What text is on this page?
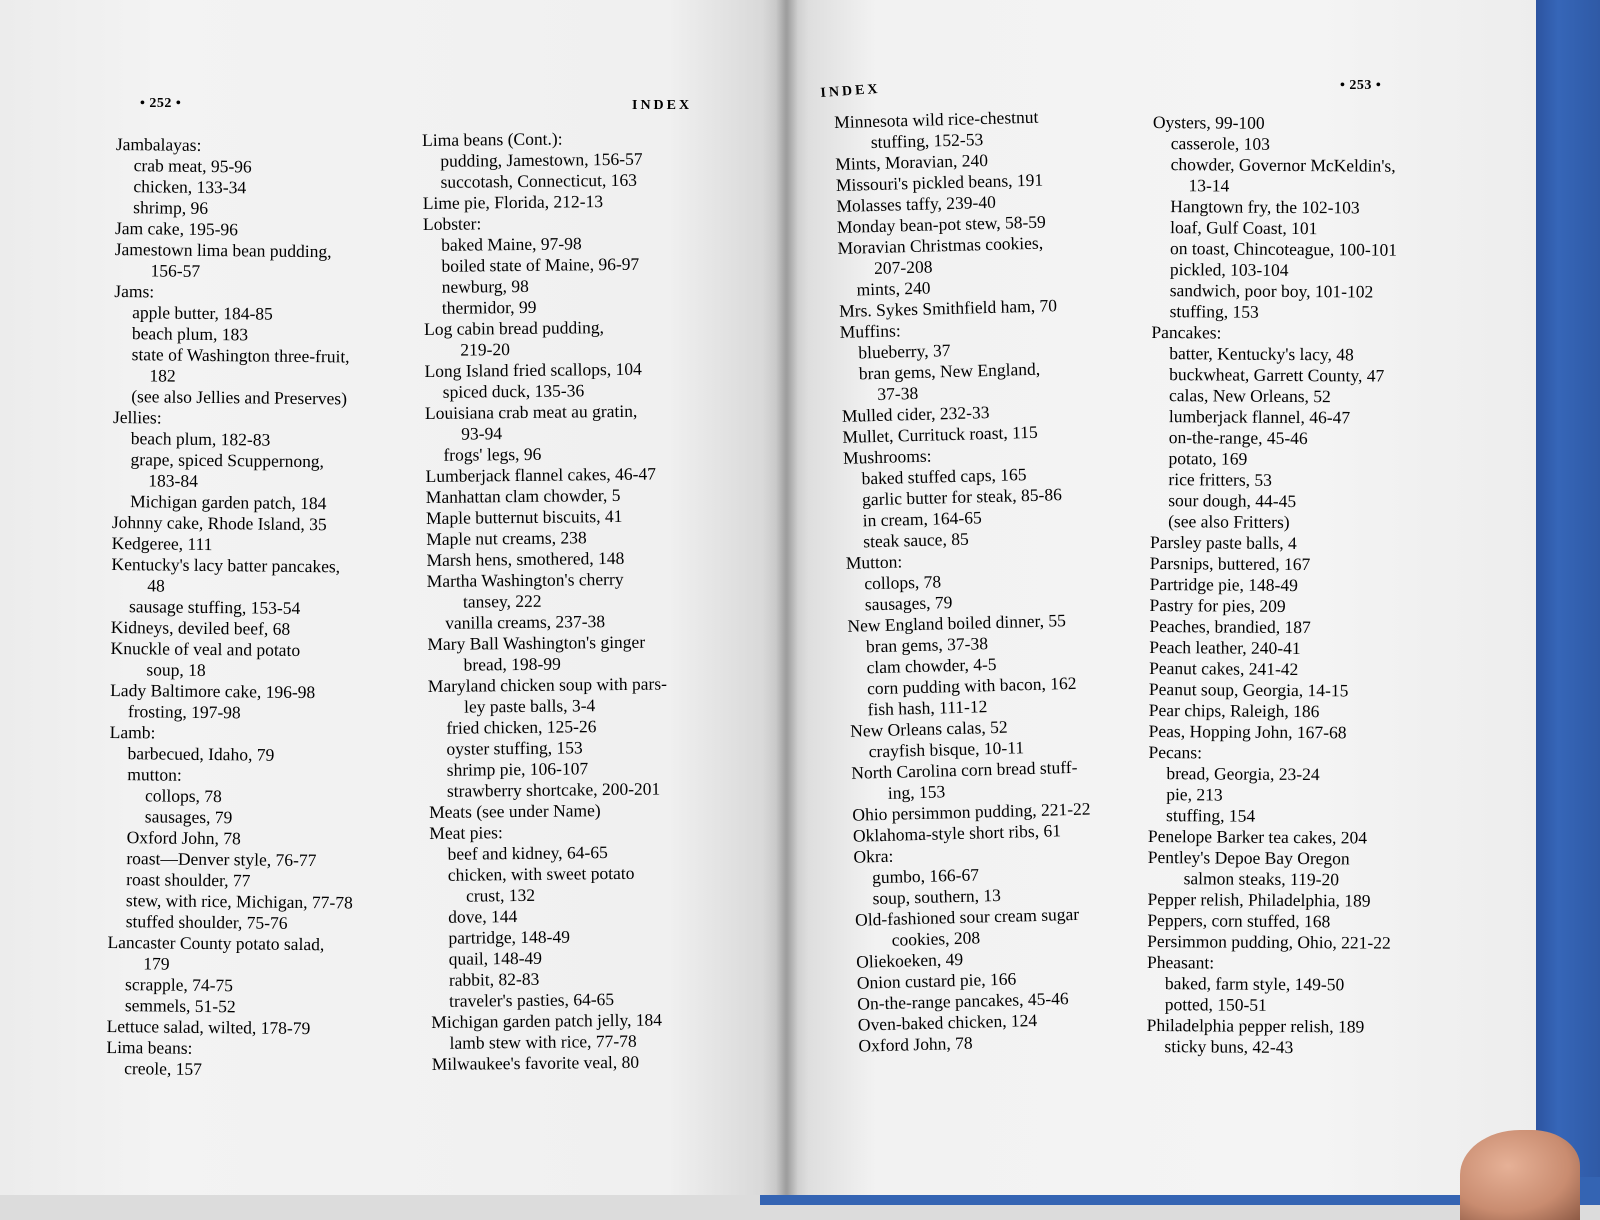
• 252 •	INDEX
INDEX	• 253 •
Jambalayas:
crab meat, 95-96
chicken, 133-34
shrimp, 96
Jam cake, 195-96
Jamestown lima bean pudding,
156-57
Jams:
apple butter, 184-85
beach plum, 183
state of Washington three-fruit,
182
(see also Jellies and Preserves)
Jellies:
beach plum, 182-83
grape, spiced Scuppernong,
183-84
Michigan garden patch, 184
Johnny cake, Rhode Island, 35
Kedgeree, 111
Kentucky's lacy batter pancakes,
48
sausage stuffing, 153-54
Kidneys, deviled beef, 68
Knuckle of veal and potato
soup, 18
Lady Baltimore cake, 196-98
frosting, 197-98
Lamb:
barbecued, Idaho, 79
mutton:
collops, 78
sausages, 79
Oxford John, 78
roast—Denver style, 76-77
roast shoulder, 77
stew, with rice, Michigan, 77-78
stuffed shoulder, 75-76
Lancaster County potato salad,
179
scrapple, 74-75
semmels, 51-52
Lettuce salad, wilted, 178-79
Lima beans:
creole, 157
Lima beans (Cont.):
pudding, Jamestown, 156-57
succotash, Connecticut, 163
Lime pie, Florida, 212-13
Lobster:
baked Maine, 97-98
boiled state of Maine, 96-97
newburg, 98
thermidor, 99
Log cabin bread pudding,
219-20
Long Island fried scallops, 104
spiced duck, 135-36
Louisiana crab meat au gratin,
93-94
frogs' legs, 96
Lumberjack flannel cakes, 46-47
Manhattan clam chowder, 5
Maple butternut biscuits, 41
Maple nut creams, 238
Marsh hens, smothered, 148
Martha Washington's cherry
tansey, 222
vanilla creams, 237-38
Mary Ball Washington's ginger
bread, 198-99
Maryland chicken soup with pars-
ley paste balls, 3-4
fried chicken, 125-26
oyster stuffing, 153
shrimp pie, 106-107
strawberry shortcake, 200-201
Meats (see under Name)
Meat pies:
beef and kidney, 64-65
chicken, with sweet potato
crust, 132
dove, 144
partridge, 148-49
quail, 148-49
rabbit, 82-83
traveler's pasties, 64-65
Michigan garden patch jelly, 184
lamb stew with rice, 77-78
Milwaukee's favorite veal, 80
Minnesota wild rice-chestnut
stuffing, 152-53
Mints, Moravian, 240
Missouri's pickled beans, 191
Molasses taffy, 239-40
Monday bean-pot stew, 58-59
Moravian Christmas cookies,
207-208
mints, 240
Mrs. Sykes Smithfield ham, 70
Muffins:
blueberry, 37
bran gems, New England,
37-38
Mulled cider, 232-33
Mullet, Currituck roast, 115
Mushrooms:
baked stuffed caps, 165
garlic butter for steak, 85-86
in cream, 164-65
steak sauce, 85
Mutton:
collops, 78
sausages, 79
New England boiled dinner, 55
bran gems, 37-38
clam chowder, 4-5
corn pudding with bacon, 162
fish hash, 111-12
New Orleans calas, 52
crayfish bisque, 10-11
North Carolina corn bread stuff-
ing, 153
Ohio persimmon pudding, 221-22
Oklahoma-style short ribs, 61
Okra:
gumbo, 166-67
soup, southern, 13
Old-fashioned sour cream sugar
cookies, 208
Oliekoeken, 49
Onion custard pie, 166
On-the-range pancakes, 45-46
Oven-baked chicken, 124
Oxford John, 78
Oysters, 99-100
casserole, 103
chowder, Governor McKeldin's,
13-14
Hangtown fry, the 102-103
loaf, Gulf Coast, 101
on toast, Chincoteague, 100-101
pickled, 103-104
sandwich, poor boy, 101-102
stuffing, 153
Pancakes:
batter, Kentucky's lacy, 48
buckwheat, Garrett County, 47
calas, New Orleans, 52
lumberjack flannel, 46-47
on-the-range, 45-46
potato, 169
rice fritters, 53
sour dough, 44-45
(see also Fritters)
Parsley paste balls, 4
Parsnips, buttered, 167
Partridge pie, 148-49
Pastry for pies, 209
Peaches, brandied, 187
Peach leather, 240-41
Peanut cakes, 241-42
Peanut soup, Georgia, 14-15
Pear chips, Raleigh, 186
Peas, Hopping John, 167-68
Pecans:
bread, Georgia, 23-24
pie, 213
stuffing, 154
Penelope Barker tea cakes, 204
Pentley's Depoe Bay Oregon
salmon steaks, 119-20
Pepper relish, Philadelphia, 189
Peppers, corn stuffed, 168
Persimmon pudding, Ohio, 221-22
Pheasant:
baked, farm style, 149-50
potted, 150-51
Philadelphia pepper relish, 189
sticky buns, 42-43
